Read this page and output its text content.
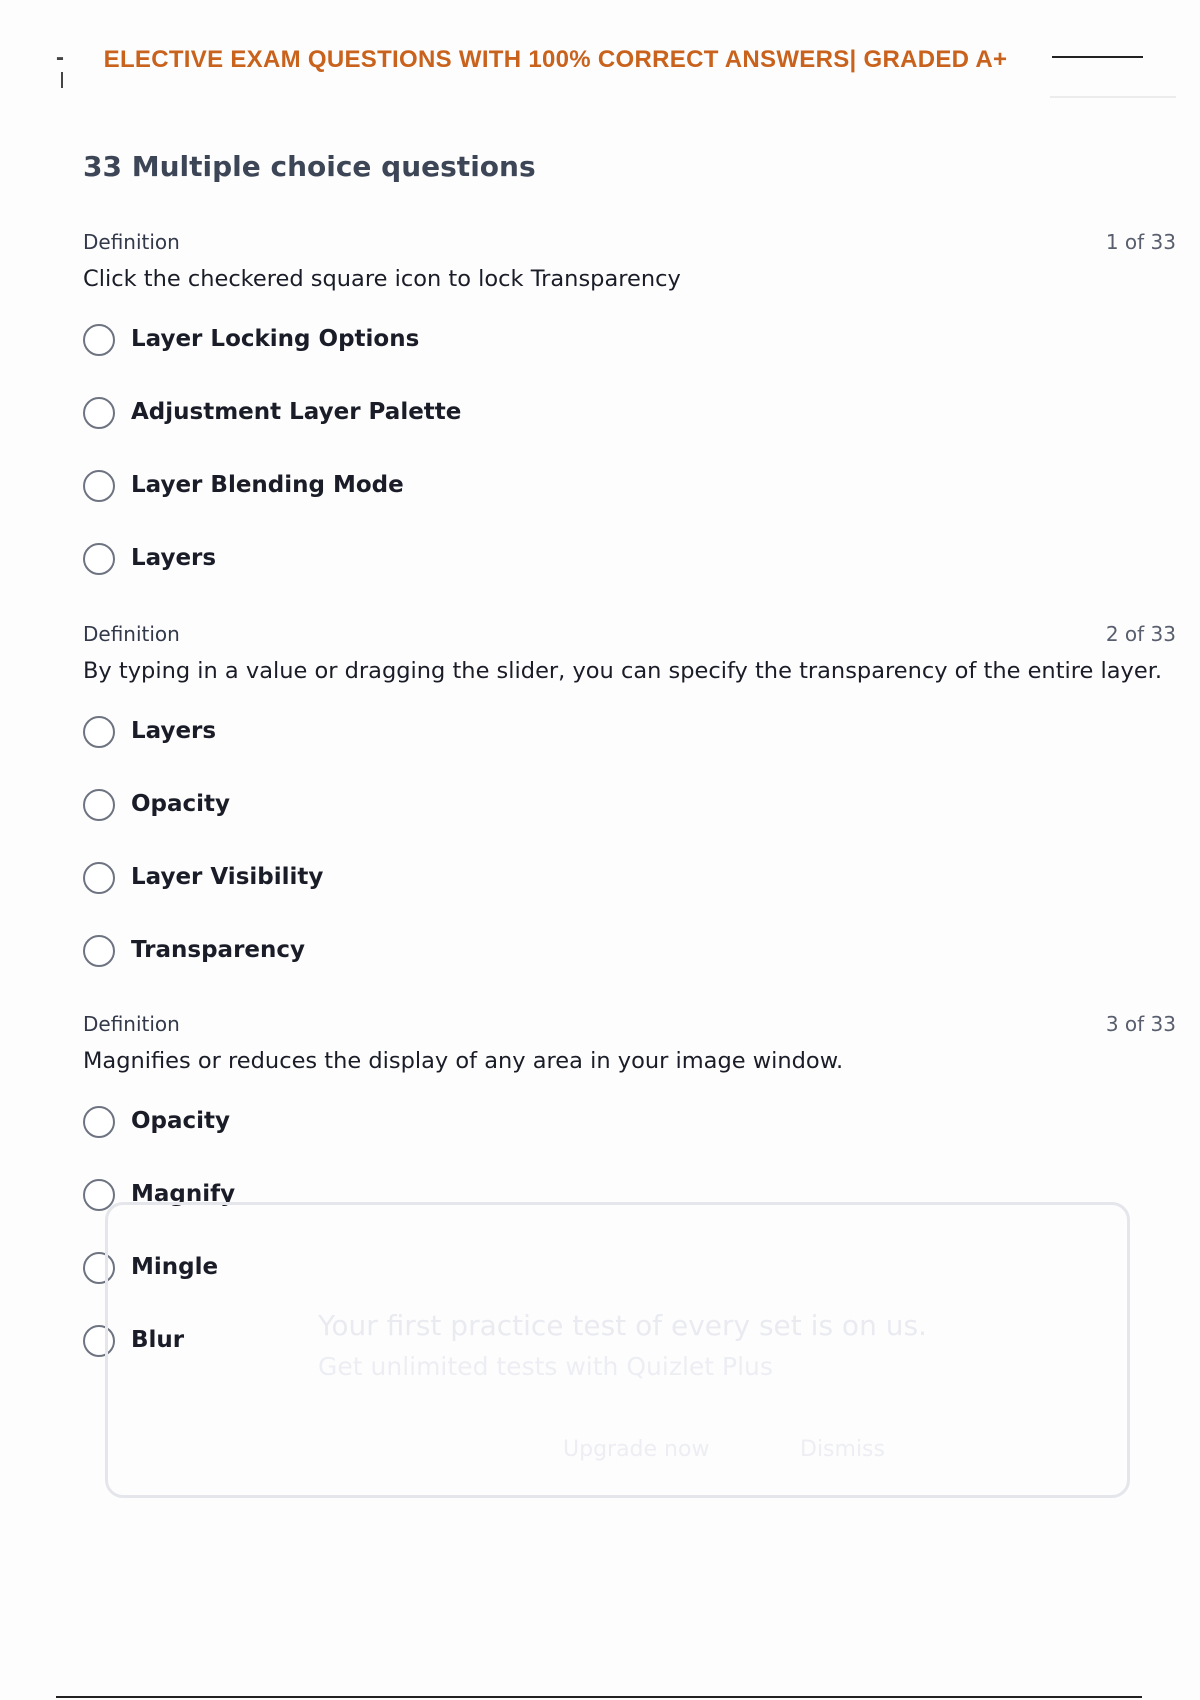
-	ELECTIVE EXAM QUESTIONS WITH 100% CORRECT ANSWERS| GRADED A+
33 Multiple choice questions
Definition	1 of 33
Click the checkered square icon to lock Transparency
Layer Locking Options
Adjustment Layer Palette
Layer Blending Mode
Layers
Definition	2 of 33
By typing in a value or dragging the slider, you can specify the transparency of the entire layer.
Layers
Opacity
Layer Visibility
Transparency
Definition	3 of 33
Magnifies or reduces the display of any area in your image window.
Opacity
Magnify
Mingle
Blur	Your first practice test of every set is on us.
Get unlimited tests with Quizlet Plus
Upgrade now	Dismiss
